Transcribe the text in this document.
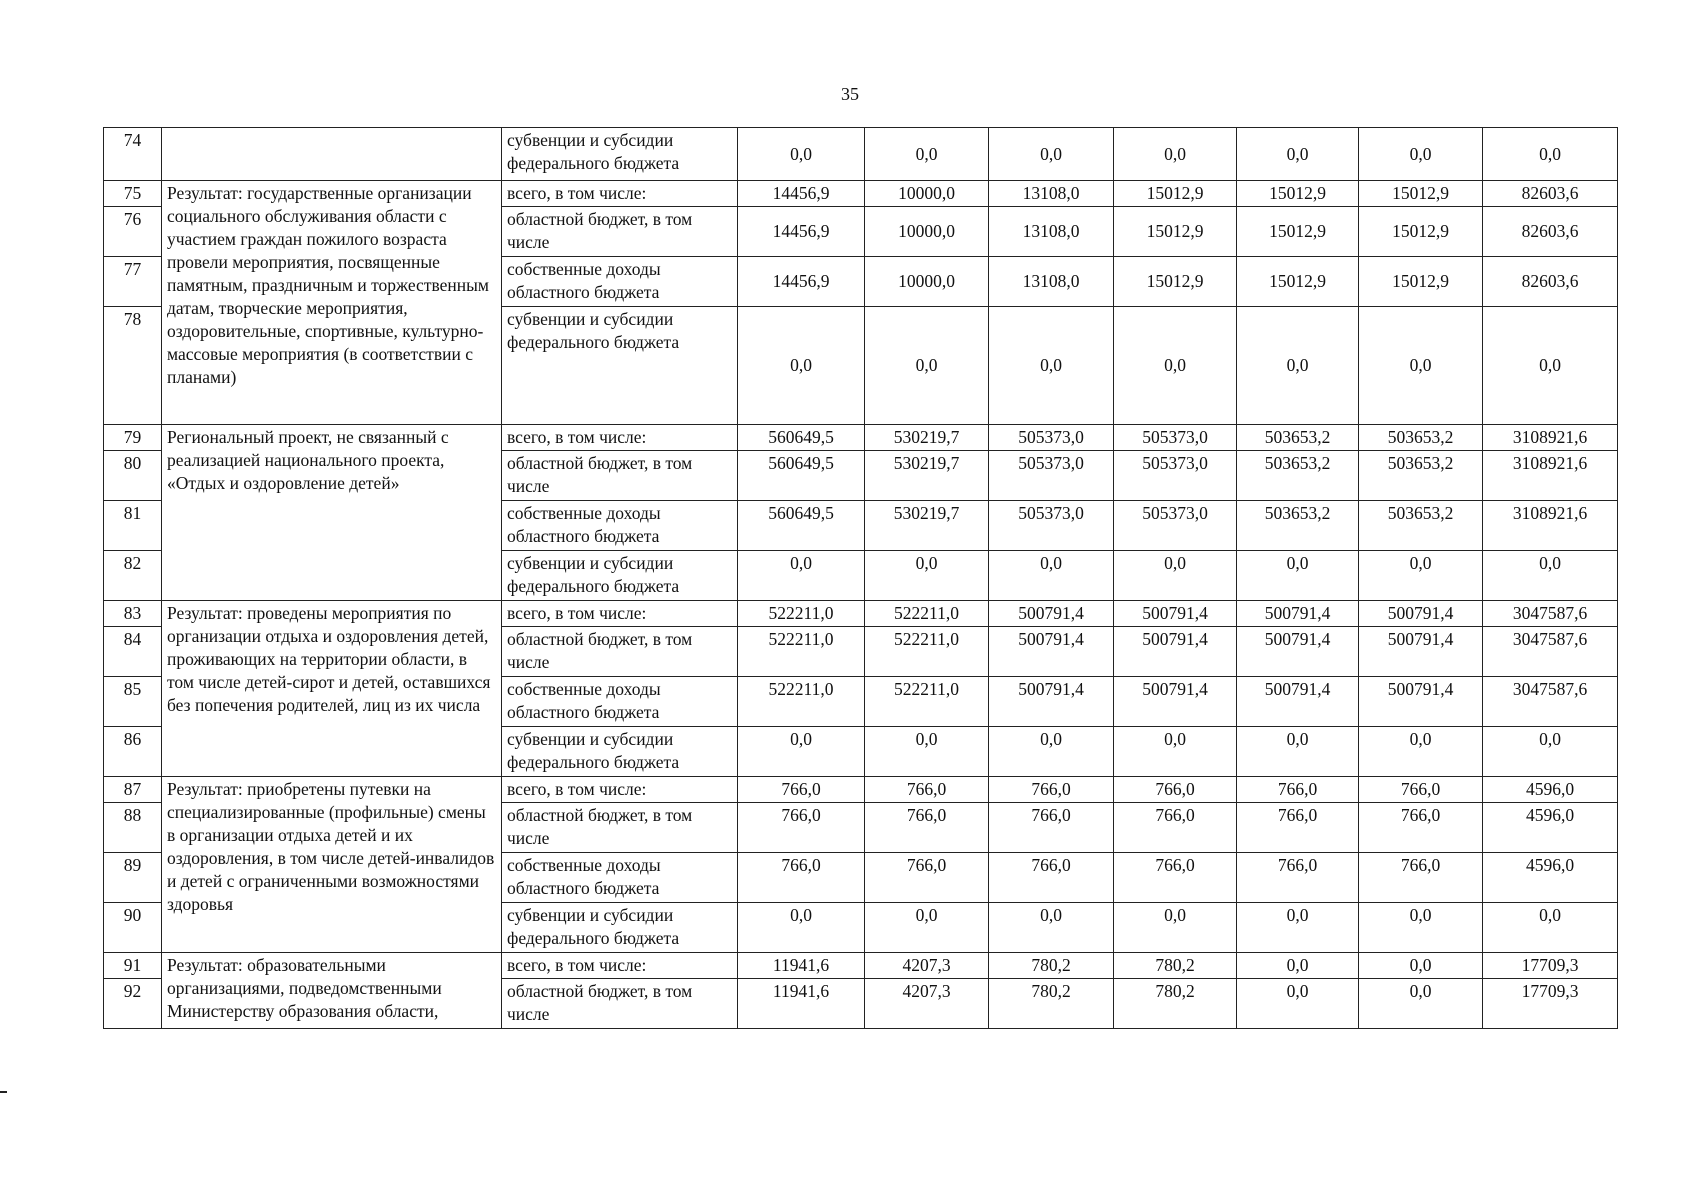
35
74		субвенции и субсидии федерального бюджета	0,0	0,0	0,0	0,0	0,0	0,0	0,0
75	Результат: государственные организации социального обслуживания области с участием граждан пожилого возраста провели мероприятия, посвященные памятным, праздничным и торжественным датам, творческие мероприятия, оздоровительные, спортивные, культурно-массовые мероприятия (в соответствии с планами)	всего, в том числе:	14456,9	10000,0	13108,0	15012,9	15012,9	15012,9	82603,6
76		областной бюджет, в том числе	14456,9	10000,0	13108,0	15012,9	15012,9	15012,9	82603,6
77		собственные доходы областного бюджета	14456,9	10000,0	13108,0	15012,9	15012,9	15012,9	82603,6
78		субвенции и субсидии федерального бюджета	0,0	0,0	0,0	0,0	0,0	0,0	0,0
79	Региональный проект, не связанный с реализацией национального проекта, «Отдых и оздоровление детей»	всего, в том числе:	560649,5	530219,7	505373,0	505373,0	503653,2	503653,2	3108921,6
80		областной бюджет, в том числе	560649,5	530219,7	505373,0	505373,0	503653,2	503653,2	3108921,6
81		собственные доходы областного бюджета	560649,5	530219,7	505373,0	505373,0	503653,2	503653,2	3108921,6
82		субвенции и субсидии федерального бюджета	0,0	0,0	0,0	0,0	0,0	0,0	0,0
83	Результат: проведены мероприятия по организации отдыха и оздоровления детей, проживающих на территории области, в том числе детей-сирот и детей, оставшихся без попечения родителей, лиц из их числа	всего, в том числе:	522211,0	522211,0	500791,4	500791,4	500791,4	500791,4	3047587,6
84		областной бюджет, в том числе	522211,0	522211,0	500791,4	500791,4	500791,4	500791,4	3047587,6
85		собственные доходы областного бюджета	522211,0	522211,0	500791,4	500791,4	500791,4	500791,4	3047587,6
86		субвенции и субсидии федерального бюджета	0,0	0,0	0,0	0,0	0,0	0,0	0,0
87	Результат: приобретены путевки на специализированные (профильные) смены в организации отдыха детей и их оздоровления, в том числе детей-инвалидов и детей с ограниченными возможностями здоровья	всего, в том числе:	766,0	766,0	766,0	766,0	766,0	766,0	4596,0
88		областной бюджет, в том числе	766,0	766,0	766,0	766,0	766,0	766,0	4596,0
89		собственные доходы областного бюджета	766,0	766,0	766,0	766,0	766,0	766,0	4596,0
90		субвенции и субсидии федерального бюджета	0,0	0,0	0,0	0,0	0,0	0,0	0,0
91	Результат: образовательными организациями, подведомственными Министерству образования области,	всего, в том числе:	11941,6	4207,3	780,2	780,2	0,0	0,0	17709,3
92		областной бюджет, в том числе	11941,6	4207,3	780,2	780,2	0,0	0,0	17709,3
